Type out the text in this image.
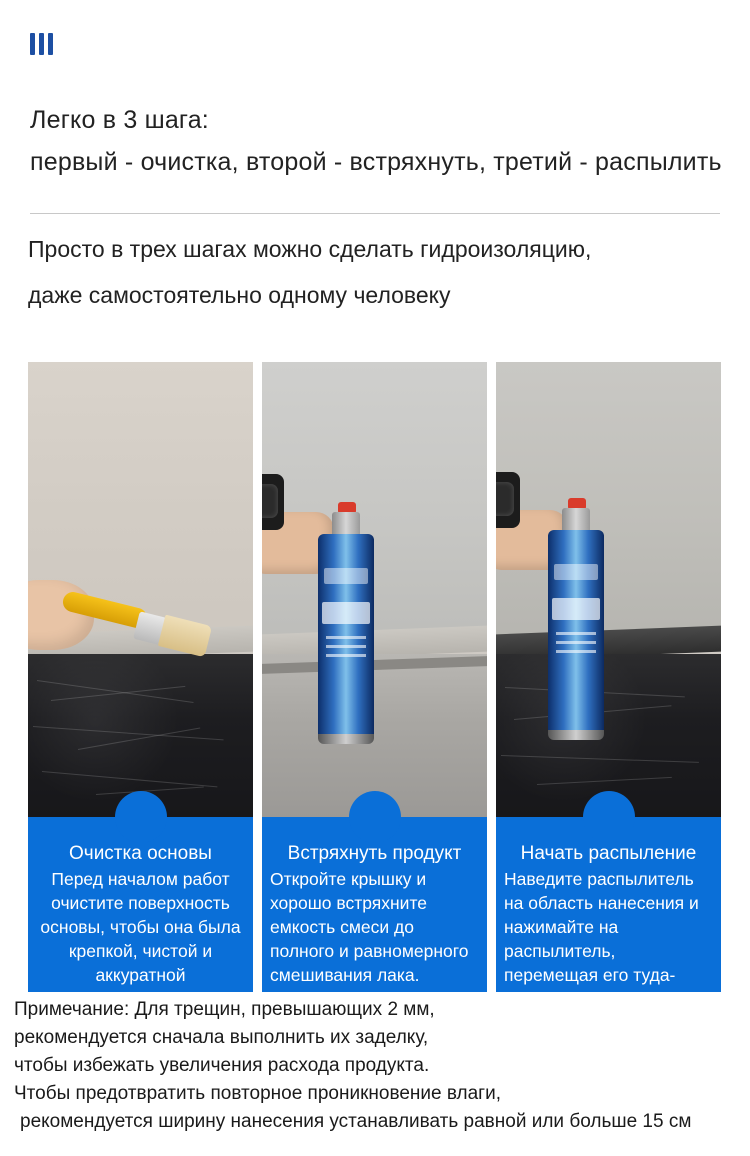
Легко в 3 шага:
первый - очистка, второй - встряхнуть, третий - распылить
Просто в трех шагах можно сделать гидроизоляцию,
даже самостоятельно одному человеку
Очистка основы
Перед началом работ очистите поверхность основы, чтобы она была крепкой, чистой и аккуратной
Встряхнуть продукт
Откройте крышку и хорошо встряхните емкость смеси до полного и равномерного смешивания лака.
Начать распыление
Наведите распылитель на область нанесения и нажимайте на распылитель, перемещая его туда-сюда для нанесения
Примечание: Для трещин, превышающих 2 мм,
рекомендуется сначала выполнить их заделку,
чтобы избежать увеличения расхода продукта.
Чтобы предотвратить повторное проникновение влаги,
рекомендуется ширину нанесения устанавливать равной или больше 15 см
